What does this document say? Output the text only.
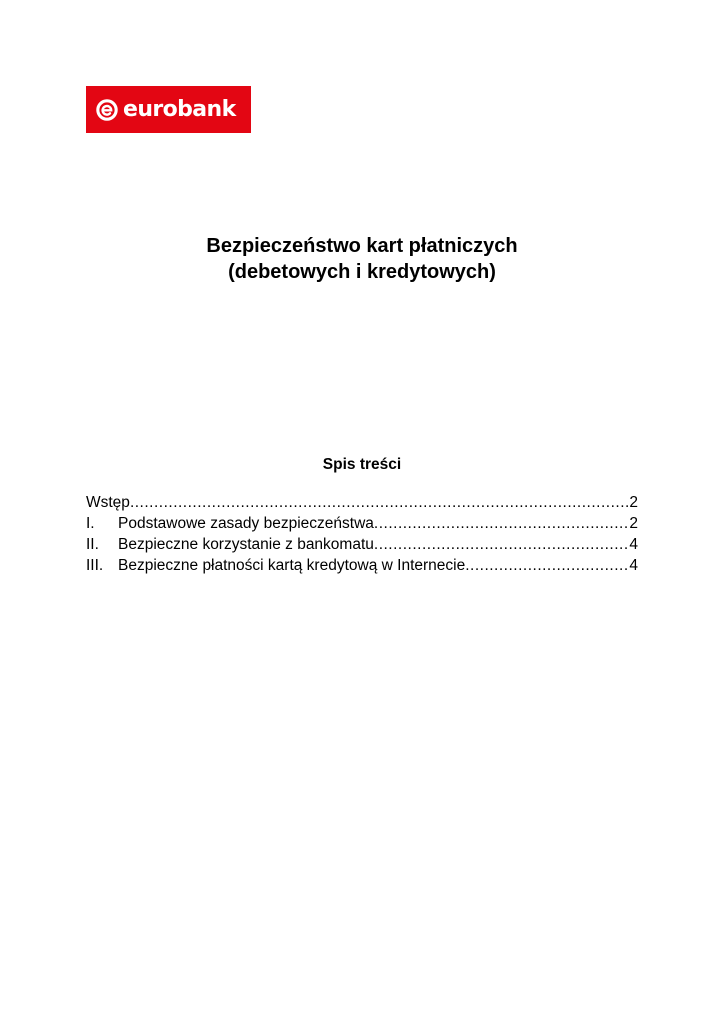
eurobank
Bezpieczeństwo kart płatniczych
(debetowych i kredytowych)
Spis treści
Wstęp .....	2
I.	Podstawowe zasady bezpieczeństwa .....	2
II.	Bezpieczne korzystanie z bankomatu .....	4
III. Bezpieczne płatności kartą kredytową w Internecie .....	4
